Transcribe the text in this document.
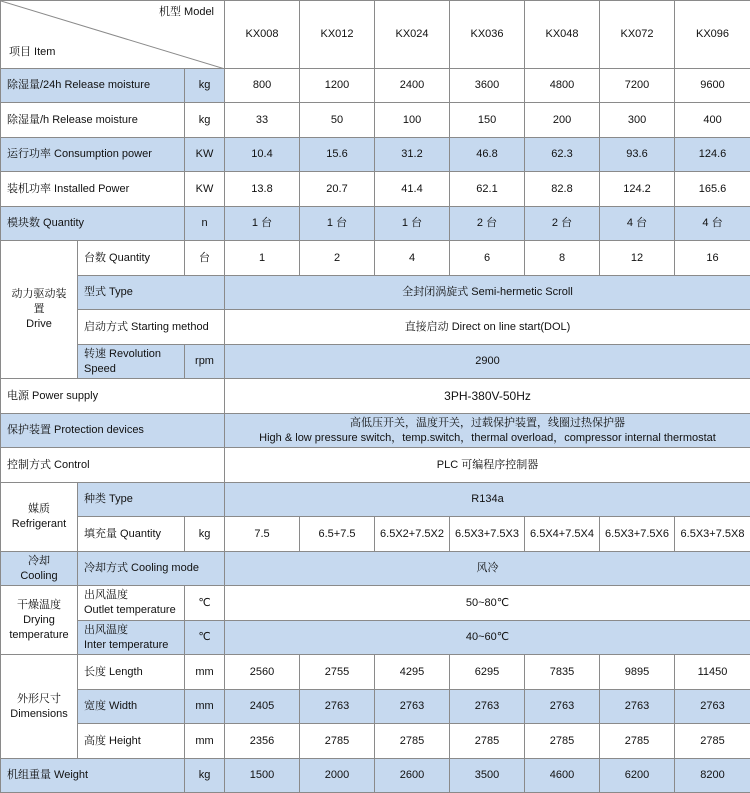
机型 Model
项目 Item			KX008	KX012	KX024	KX036	KX048	KX072	KX096
除湿量/24h Release moisture		kg	800	1200	2400	3600	4800	7200	9600
除湿量/h Release moisture		kg	33	50	100	150	200	300	400
运行功率 Consumption power		KW	10.4	15.6	31.2	46.8	62.3	93.6	124.6
装机功率 Installed Power		KW	13.8	20.7	41.4	62.1	82.8	124.2	165.6
模块数 Quantity		n	1 台	1 台	1 台	2 台	2 台	4 台	4 台

动力驱动装
置
Drive	台数 Quantity	台	1	2	4	6	8	12	16
	型式 Type		全封闭涡旋式 Semi-hermetic Scroll						
	启动方式 Starting method		直接启动 Direct on line start(DOL)						

	转速 Revolution
Speed	rpm	2900						
电源 Power supply			3PH-380V-50Hz						
保护装置 Protection devices			高低压开关，温度开关，过载保护装置，线圈过热保护器
High & low pressure switch，temp.switch，thermal overload，compressor internal thermostat						

控制方式 Control			PLC 可编程序控制器						

媒质
Refrigerant	种类 Type		R134a						
	填充量 Quantity	kg	7.5	6.5+7.5	6.5X2+7.5X2	6.5X3+7.5X3	6.5X4+7.5X4	6.5X3+7.5X6	6.5X3+7.5X8

冷却
Cooling	冷却方式 Cooling mode		风冷						

干燥温度
Drying
temperature	出风温度
Outlet temperature	℃	50~80℃						

	出风温度
Inter temperature	℃	40~60℃						

外形尺寸
Dimensions	长度 Length	mm	2560	2755	4295	6295	7835	9895	11450
	宽度 Width	mm	2405	2763	2763	2763	2763	2763	2763
	高度 Height	mm	2356	2785	2785	2785	2785	2785	2785
机组重量 Weight		kg	1500	2000	2600	3500	4600	6200	8200
